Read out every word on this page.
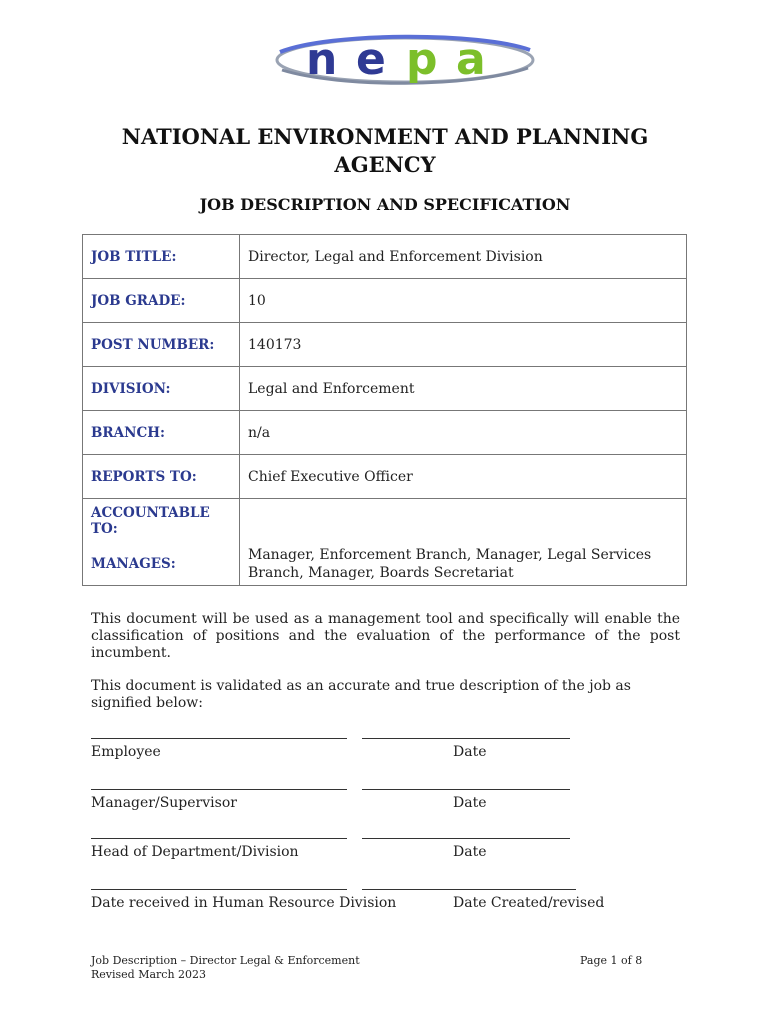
n e p a
NATIONAL ENVIRONMENT AND PLANNING
AGENCY
JOB DESCRIPTION AND SPECIFICATION
JOB TITLE:	Director, Legal and Enforcement Division
JOB GRADE:	10
POST NUMBER:	140173
DIVISION:	Legal and Enforcement
BRANCH:	n/a
REPORTS TO:	Chief Executive Officer
ACCOUNTABLE TO:	
MANAGES:	Manager, Enforcement Branch, Manager, Legal Services Branch, Manager, Boards Secretariat
This document will be used as a management tool and specifically will enable the classification of positions and the evaluation of the performance of the post incumbent.
This document is validated as an accurate and true description of the job as signified below:
Employee	Date
Manager/Supervisor	Date
Head of Department/Division	Date
Date received in Human Resource Division	Date Created/revised
Job Description – Director Legal & Enforcement
Revised March 2023
Page 1 of 8
